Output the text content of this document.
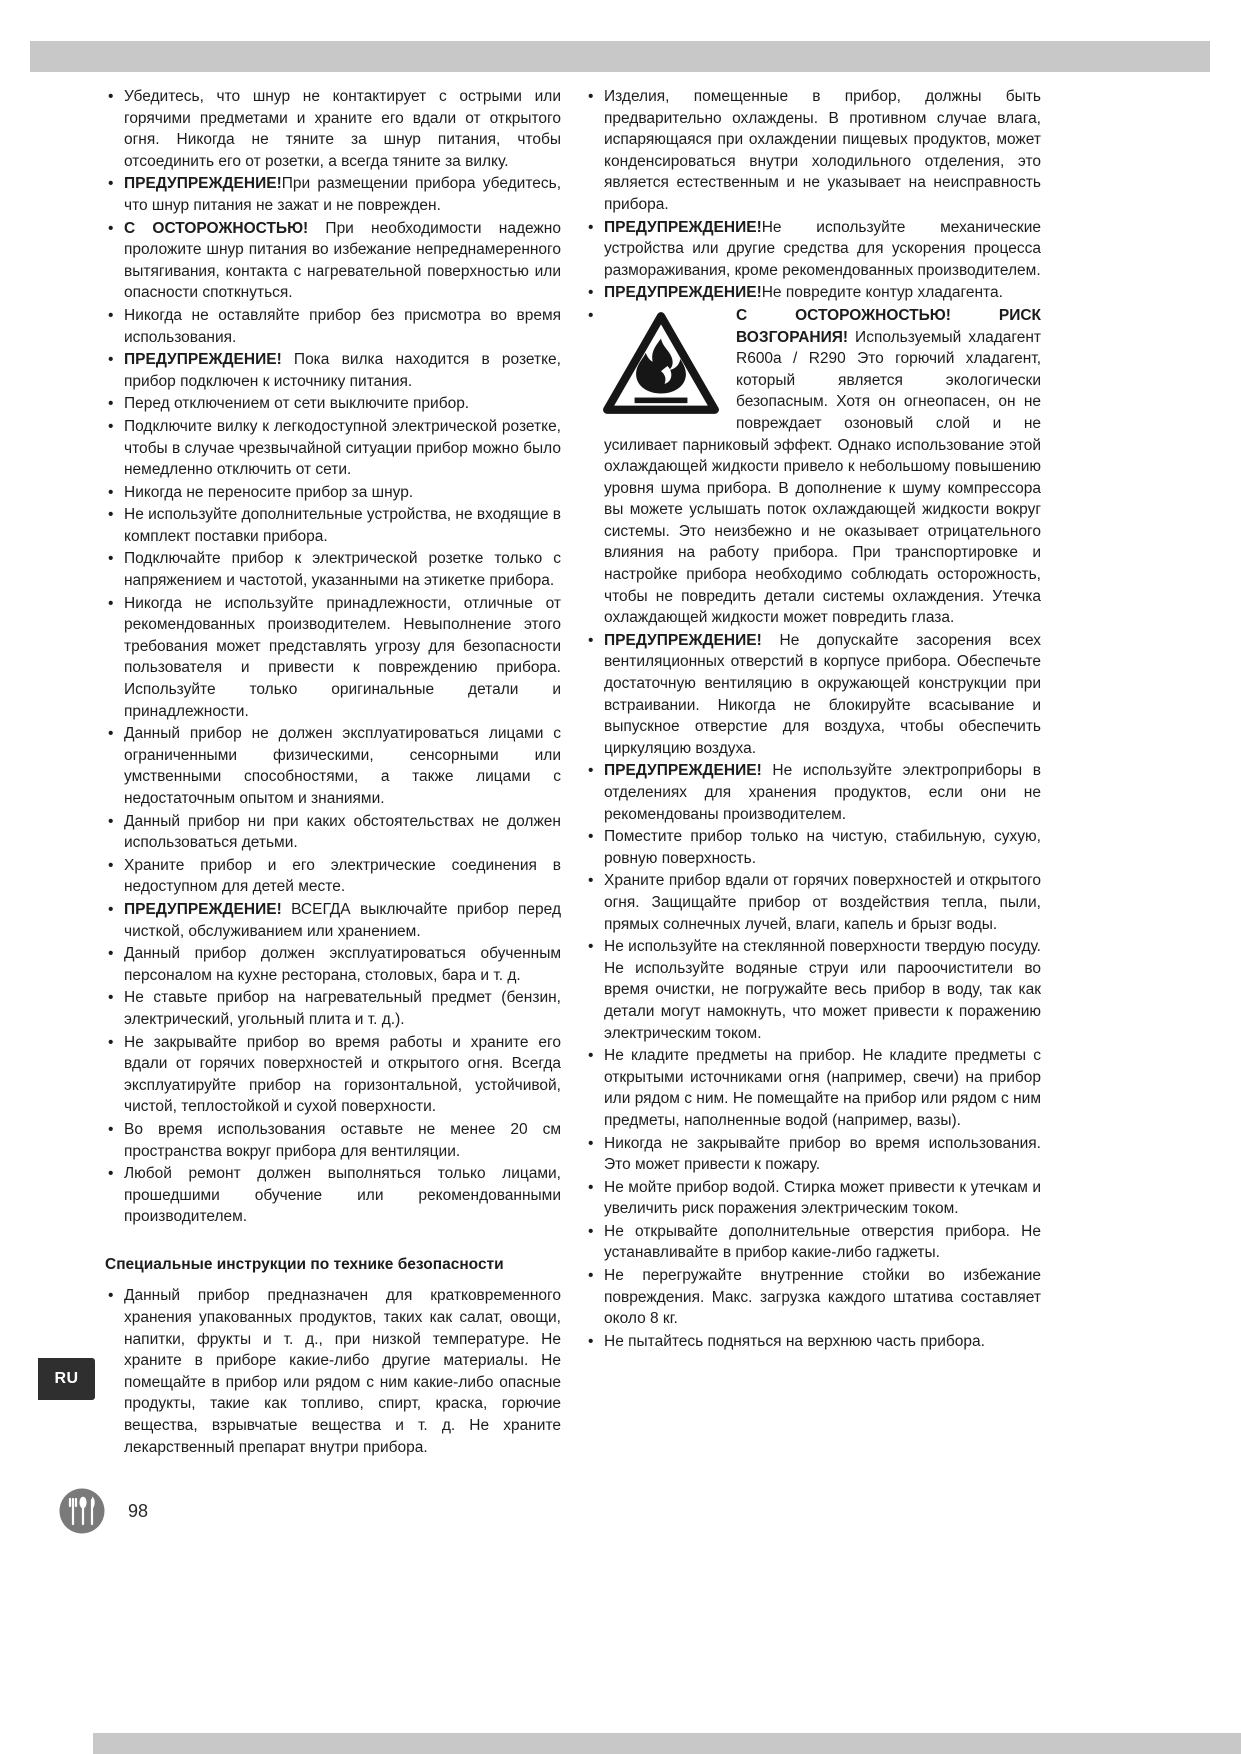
• Убедитесь, что шнур не контактирует с острыми или горячими предметами и храните его вдали от открытого огня. Никогда не тяните за шнур питания, чтобы отсоединить его от розетки, а всегда тяните за вилку.
• ПРЕДУПРЕЖДЕНИЕ!При размещении прибора убедитесь, что шнур питания не зажат и не поврежден.
• С ОСТОРОЖНОСТЬЮ! При необходимости надежно проложите шнур питания во избежание непреднамеренного вытягивания, контакта с нагревательной поверхностью или опасности споткнуться.
• Никогда не оставляйте прибор без присмотра во время использования.
• ПРЕДУПРЕЖДЕНИЕ! Пока вилка находится в розетке, прибор подключен к источнику питания.
• Перед отключением от сети выключите прибор.
• Подключите вилку к легкодоступной электрической розетке, чтобы в случае чрезвычайной ситуации прибор можно было немедленно отключить от сети.
• Никогда не переносите прибор за шнур.
• Не используйте дополнительные устройства, не входящие в комплект поставки прибора.
• Подключайте прибор к электрической розетке только с напряжением и частотой, указанными на этикетке прибора.
• Никогда не используйте принадлежности, отличные от рекомендованных производителем. Невыполнение этого требования может представлять угрозу для безопасности пользователя и привести к повреждению прибора. Используйте только оригинальные детали и принадлежности.
• Данный прибор не должен эксплуатироваться лицами с ограниченными физическими, сенсорными или умственными способностями, а также лицами с недостаточным опытом и знаниями.
• Данный прибор ни при каких обстоятельствах не должен использоваться детьми.
• Храните прибор и его электрические соединения в недоступном для детей месте.
• ПРЕДУПРЕЖДЕНИЕ! ВСЕГДА выключайте прибор перед чисткой, обслуживанием или хранением.
• Данный прибор должен эксплуатироваться обученным персоналом на кухне ресторана, столовых, бара и т. д.
• Не ставьте прибор на нагревательный предмет (бензин, электрический, угольный плита и т. д.).
• Не закрывайте прибор во время работы и храните его вдали от горячих поверхностей и открытого огня. Всегда эксплуатируйте прибор на горизонтальной, устойчивой, чистой, теплостойкой и сухой поверхности.
• Во время использования оставьте не менее 20 см пространства вокруг прибора для вентиляции.
• Любой ремонт должен выполняться только лицами, прошедшими обучение или рекомендованными производителем.
Специальные инструкции по технике безопасности
• Данный прибор предназначен для кратковременного хранения упакованных продуктов, таких как салат, овощи, напитки, фрукты и т. д., при низкой температуре. Не храните в приборе какие-либо другие материалы. Не помещайте в прибор или рядом с ним какие-либо опасные продукты, такие как топливо, спирт, краска, горючие вещества, взрывчатые вещества и т. д. Не храните лекарственный препарат внутри прибора.
• Изделия, помещенные в прибор, должны быть предварительно охлаждены. В противном случае влага, испаряющаяся при охлаждении пищевых продуктов, может конденсироваться внутри холодильного отделения, это является естественным и не указывает на неисправность прибора.
• ПРЕДУПРЕЖДЕНИЕ!Не используйте механические устройства или другие средства для ускорения процесса размораживания, кроме рекомендованных производителем.
• ПРЕДУПРЕЖДЕНИЕ!Не повредите контур хладагента.
• С ОСТОРОЖНОСТЬЮ! РИСК ВОЗГОРАНИЯ! Используемый хладагент R600a / R290 Это горючий хладагент, который является экологически безопасным. Хотя он огнеопасен, он не повреждает озоновый слой и не усиливает парниковый эффект. Однако использование этой охлаждающей жидкости привело к небольшому повышению уровня шума прибора. В дополнение к шуму компрессора вы можете услышать поток охлаждающей жидкости вокруг системы. Это неизбежно и не оказывает отрицательного влияния на работу прибора. При транспортировке и настройке прибора необходимо соблюдать осторожность, чтобы не повредить детали системы охлаждения. Утечка охлаждающей жидкости может повредить глаза.
• ПРЕДУПРЕЖДЕНИЕ! Не допускайте засорения всех вентиляционных отверстий в корпусе прибора. Обеспечьте достаточную вентиляцию в окружающей конструкции при встраивании. Никогда не блокируйте всасывание и выпускное отверстие для воздуха, чтобы обеспечить циркуляцию воздуха.
• ПРЕДУПРЕЖДЕНИЕ! Не используйте электроприборы в отделениях для хранения продуктов, если они не рекомендованы производителем.
• Поместите прибор только на чистую, стабильную, сухую, ровную поверхность.
• Храните прибор вдали от горячих поверхностей и открытого огня. Защищайте прибор от воздействия тепла, пыли, прямых солнечных лучей, влаги, капель и брызг воды.
• Не используйте на стеклянной поверхности твердую посуду. Не используйте водяные струи или пароочистители во время очистки, не погружайте весь прибор в воду, так как детали могут намокнуть, что может привести к поражению электрическим током.
• Не кладите предметы на прибор. Не кладите предметы с открытыми источниками огня (например, свечи) на прибор или рядом с ним. Не помещайте на прибор или рядом с ним предметы, наполненные водой (например, вазы).
• Никогда не закрывайте прибор во время использования. Это может привести к пожару.
• Не мойте прибор водой. Стирка может привести к утечкам и увеличить риск поражения электрическим током.
• Не открывайте дополнительные отверстия прибора. Не устанавливайте в прибор какие-либо гаджеты.
• Не перегружайте внутренние стойки во избежание повреждения. Макс. загрузка каждого штатива составляет около 8 кг.
• Не пытайтесь подняться на верхнюю часть прибора.
RU
98
